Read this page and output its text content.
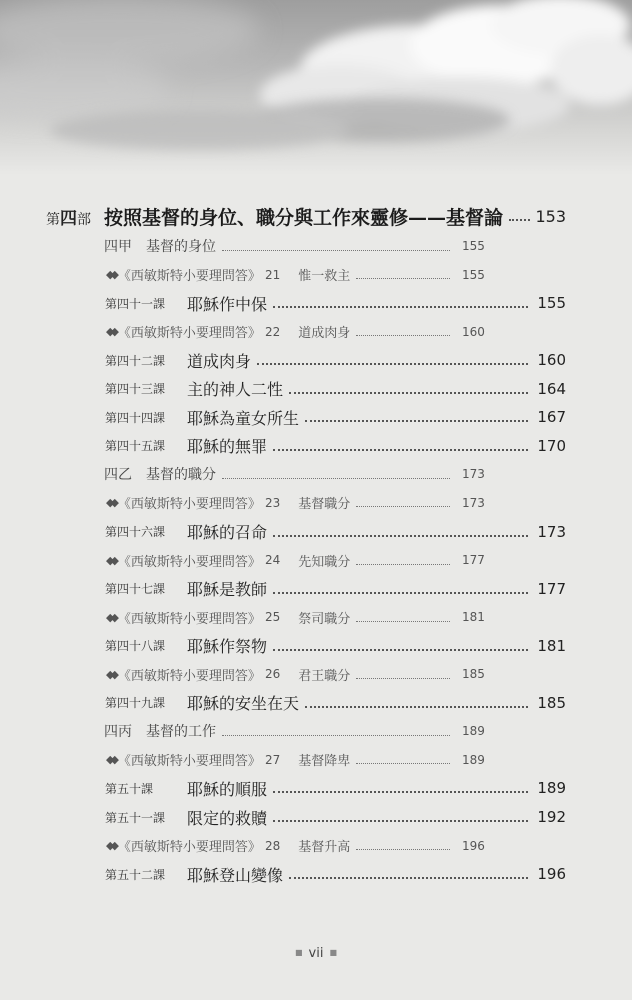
第四部 按照基督的身位、職分與工作來靈修——基督論 153
四甲　基督的身位	155
◆◆ 《西敏斯特小要理問答》 21 惟一救主	155
第四十一課 耶穌作中保	155
◆◆ 《西敏斯特小要理問答》 22 道成肉身	160
第四十二課 道成肉身	160
第四十三課 主的神人二性	164
第四十四課 耶穌為童女所生	167
第四十五課 耶穌的無罪	170
四乙　基督的職分	173
◆◆ 《西敏斯特小要理問答》 23 基督職分	173
第四十六課 耶穌的召命	173
◆◆ 《西敏斯特小要理問答》 24 先知職分	177
第四十七課 耶穌是教師	177
◆◆ 《西敏斯特小要理問答》 25 祭司職分	181
第四十八課 耶穌作祭物	181
◆◆ 《西敏斯特小要理問答》 26 君王職分	185
第四十九課 耶穌的安坐在天	185
四丙　基督的工作	189
◆◆ 《西敏斯特小要理問答》 27 基督降卑	189
第五十課 耶穌的順服	189
第五十一課 限定的救贖	192
◆◆ 《西敏斯特小要理問答》 28 基督升高	196
第五十二課 耶穌登山變像	196
■ vii ■
